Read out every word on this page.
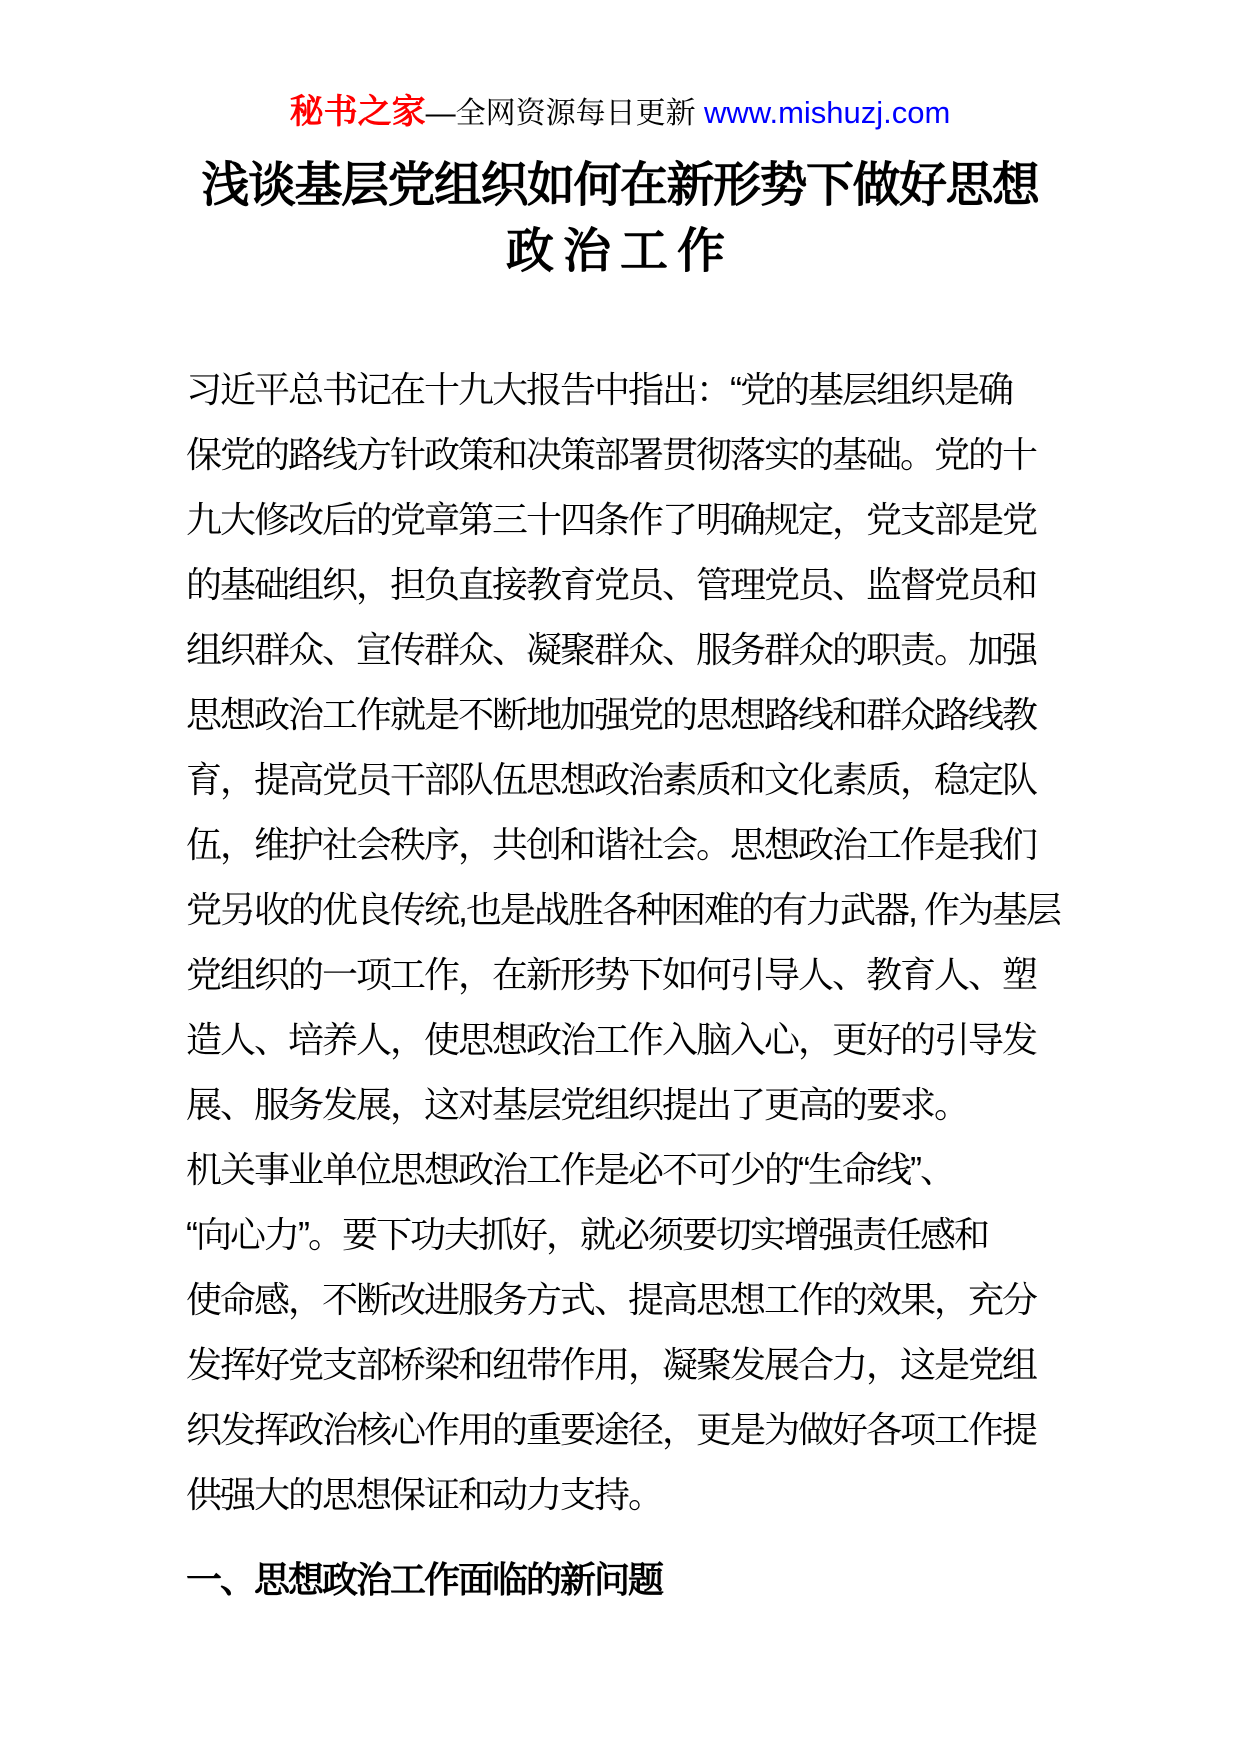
秘书之家—全网资源每日更新 www.mishuzj.com
浅谈基层党组织如何在新形势下做好思想
政治工作
习近平总书记在十九大报告中指出：“党的基层组织是确
保党的路线方针政策和决策部署贯彻落实的基础。党的十
九大修改后的党章第三十四条作了明确规定，党支部是党
的基础组织，担负直接教育党员、管理党员、监督党员和
组织群众、宣传群众、凝聚群众、服务群众的职责。加强
思想政治工作就是不断地加强党的思想路线和群众路线教
育，提高党员干部队伍思想政治素质和文化素质，稳定队
伍，维护社会秩序，共创和谐社会。思想政治工作是我们
党另收的优良传统,也是战胜各种困难的有力武器, 作为基层
党组织的一项工作，在新形势下如何引导人、教育人、塑
造人、培养人，使思想政治工作入脑入心，更好的引导发
展、服务发展，这对基层党组织提出了更高的要求。
机关事业单位思想政治工作是必不可少的“生命线”、
“向心力”。要下功夫抓好，就必须要切实增强责任感和
使命感，不断改进服务方式、提高思想工作的效果，充分
发挥好党支部桥梁和纽带作用，凝聚发展合力，这是党组
织发挥政治核心作用的重要途径，更是为做好各项工作提
供强大的思想保证和动力支持。
一、思想政治工作面临的新问题
